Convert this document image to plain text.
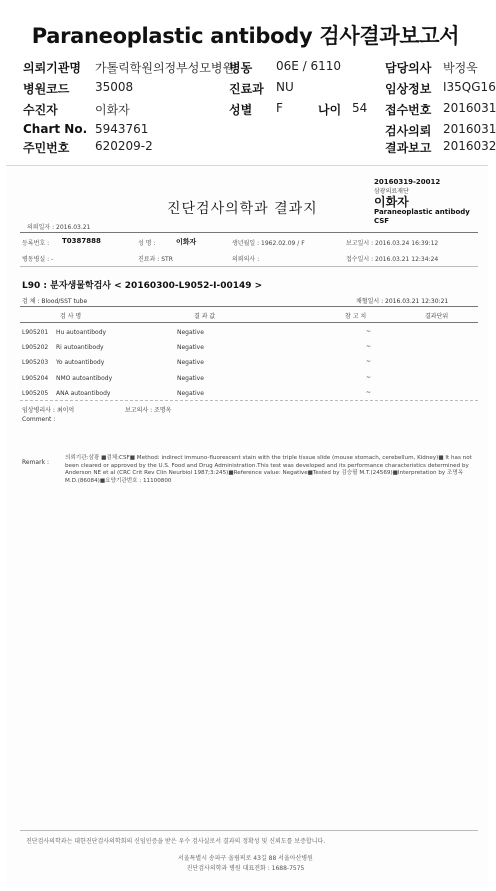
Paraneoplastic antibody 검사결과보고서
의뢰기관명 가톨릭학원의정부성모병원
병동 06E / 6110	담당의사 박정욱
병원코드 35008	진료과 NU	임상정보 I35QG16
수진자	이화자	성별 F	나이 54 접수번호 2016031
Chart No. 5943761	검사의뢰 2016031
주민번호 620209-2	결과보고 2016032
20160319-20012
삼광의료재단
이화자
Paraneoplastic antibody
CSF
진단검사의학과 결과지
의뢰일자 : 2016.03.21
등록번호 : T0387888	성 명 :	이화자	생년월일 : 1962.02.09 / F	보고일시 : 2016.03.24 16:39:12
병동병실 : -	진료과 : STR	의뢰의사 :	접수일시 : 2016.03.21 12:34:24
L90 : 분자생물학검사 < 20160300-L9052-I-00149 >
검 체 : Blood/SST tube	채혈일시 : 2016.03.21 12:30:21
검 사 명	결 과 값	참 고 치	결과단위
L905201 Hu autoantibody	Negative	~
L905202 Ri autoantibody	Negative	~
L905203 Yo autoantibody	Negative	~
L905204 NMO autoantibody	Negative	~
L905205 ANA autoantibody	Negative	~
임상병리사 : 최이억	보고의사 : 조명옥
Comment :
Remark :
의뢰기관:삼광 ■검체:CSF■ Method: indirect immuno-fluorescent stain with the triple tissue slide (mouse stomach, cerebellum, Kidney)■ It has not been cleared or approved by the U.S. Food and Drug Administration.This test was developed and its performance characteristics determined by Anderson NE et al (CRC Crit Rev Clin Neurbiol 1987;3:245)■Reference value: Negative■Tested by 김승필 M.T.(24569)■Interpretation by 조명옥 M.D.(86084)■요양기관번호 : 11100800
진단검사의학과는 대한진단검사의학회의 신임인증을 받은 우수 검사실로서 결과의 정확성 및 신뢰도를 보증합니다.
서울특별시 송파구 올림픽로 43길 88 서울아산병원
진단검사의학과 병원 대표전화 : 1688-7575
